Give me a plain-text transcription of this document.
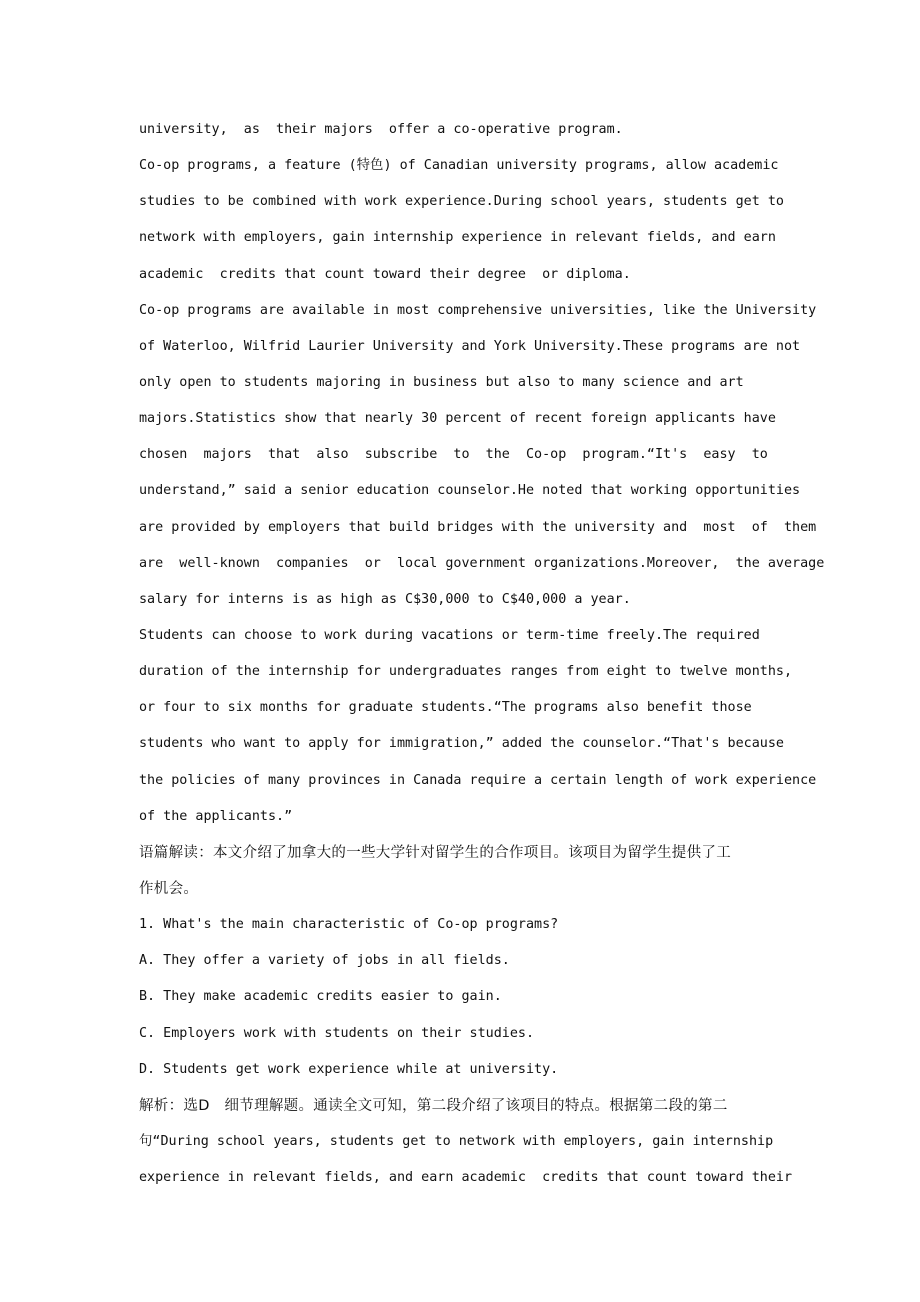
university,  as  their majors  offer a co-operative program.
Co-op programs, a feature (特色) of Canadian university programs, allow academic
studies to be combined with work experience.During school years, students get to
network with employers, gain internship experience in relevant fields, and earn
academic  credits that count toward their degree  or diploma.
Co-op programs are available in most comprehensive universities, like the University
of Waterloo, Wilfrid Laurier University and York University.These programs are not
only open to students majoring in business but also to many science and art
majors.Statistics show that nearly 30 percent of recent foreign applicants have
chosen  majors  that  also  subscribe  to  the  Co-op  program.“It's  easy  to
understand,” said a senior education counselor.He noted that working opportunities
are provided by employers that build bridges with the university and  most  of  them
are  well-known  companies  or  local government organizations.Moreover,  the average
salary for interns is as high as C$30,000 to C$40,000 a year.
Students can choose to work during vacations or term-time freely.The required
duration of the internship for undergraduates ranges from eight to twelve months,
or four to six months for graduate students.“The programs also benefit those
students who want to apply for immigration,” added the counselor.“That's because
the policies of many provinces in Canada require a certain length of work experience
of the applicants.”
语篇解读：本文介绍了加拿大的一些大学针对留学生的合作项目。该项目为留学生提供了工
作机会。
1. What's the main characteristic of Co-op programs?
A. They offer a variety of jobs in all fields.
B. They make academic credits easier to gain.
C. Employers work with students on their studies.
D. Students get work experience while at university.
解析：选D　细节理解题。通读全文可知，第二段介绍了该项目的特点。根据第二段的第二
句“During school years, students get to network with employers, gain internship
experience in relevant fields, and earn academic  credits that count toward their
